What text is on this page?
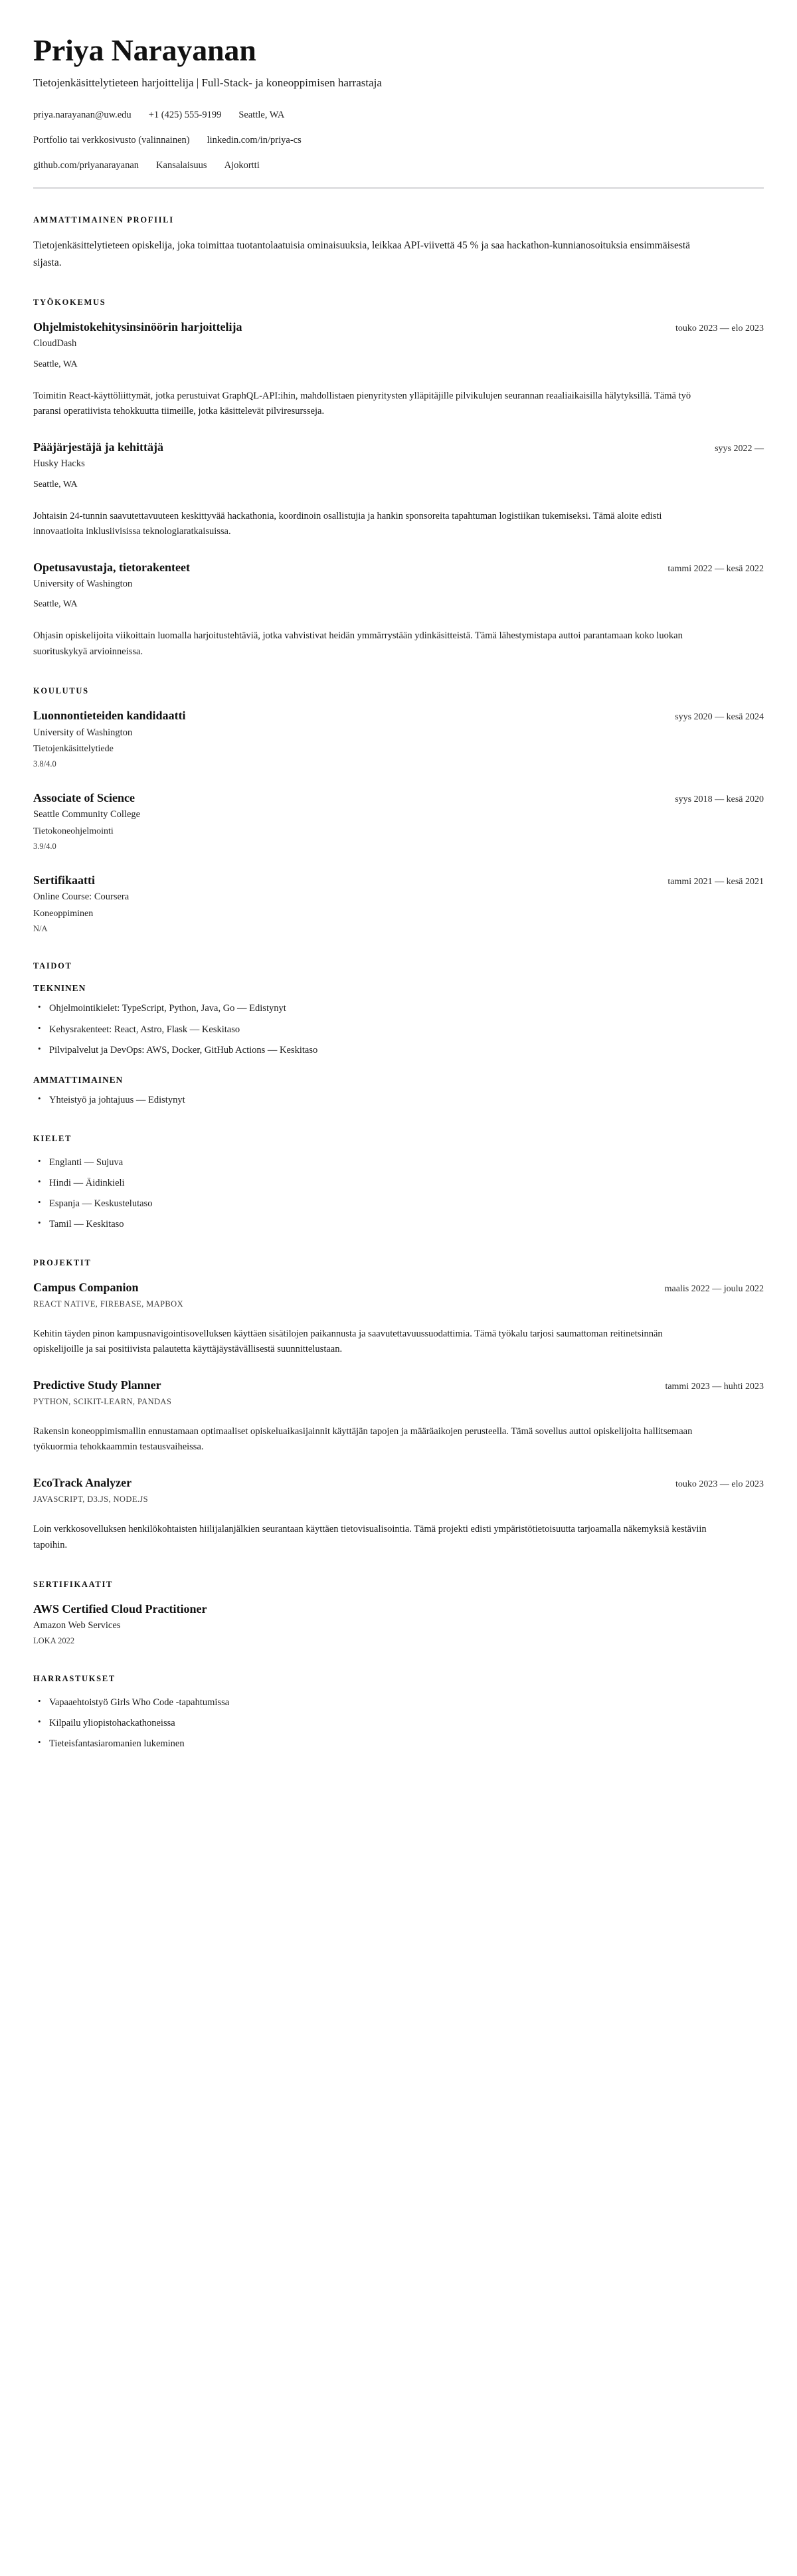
Priya Narayanan
Tietojenkäsittelytieteen harjoittelija | Full-Stack- ja koneoppimisen harrastaja
priya.narayanan@uw.edu +1 (425) 555-9199 Seattle, WA
Portfolio tai verkkosivusto (valinnainen) linkedin.com/in/priya-cs
github.com/priyanarayanan Kansalaisuus Ajokortti
AMMATTIMAINEN PROFIILI

Tietojenkäsittelytieteen opiskelija, joka toimittaa tuotantolaatuisia ominaisuuksia, leikkaa API-viivettä 45 % ja saa hackathon-kunnianosoituksia ensimmäisestä sijasta.

TYÖKOKEMUS
Ohjelmistokehitysinsinöörin harjoittelija	touko 2023 — elo 2023
CloudDash
Seattle, WA
Toimitin React-käyttöliittymät, jotka perustuivat GraphQL-API:ihin, mahdollistaen pienyritysten ylläpitäjille pilvikulujen seurannan reaaliaikaisilla hälytyksillä. Tämä työ paransi operatiivista tehokkuutta tiimeille, jotka käsittelevät pilviresursseja.
Pääjärjestäjä ja kehittäjä	syys 2022 —
Husky Hacks
Seattle, WA
Johtaisin 24-tunnin saavutettavuuteen keskittyvää hackathonia, koordinoin osallistujia ja hankin sponsoreita tapahtuman logistiikan tukemiseksi. Tämä aloite edisti innovaatioita inklusiivisissa teknologiaratkaisuissa.
Opetusavustaja, tietorakenteet	tammi 2022 — kesä 2022
University of Washington
Seattle, WA
Ohjasin opiskelijoita viikoittain luomalla harjoitustehtäviä, jotka vahvistivat heidän ymmärrystään ydinkäsitteistä. Tämä lähestymistapa auttoi parantamaan koko luokan suorituskykyä arvioinneissa.
KOULUTUS
Luonnontieteiden kandidaatti	syys 2020 — kesä 2024
University of Washington
Tietojenkäsittelytiede
3.8/4.0
Associate of Science	syys 2018 — kesä 2020
Seattle Community College
Tietokoneohjelmointi
3.9/4.0
Sertifikaatti	tammi 2021 — kesä 2021
Online Course: Coursera
Koneoppiminen
N/A
TAIDOT
TEKNINEN
• Ohjelmointikielet: TypeScript, Python, Java, Go — Edistynyt
• Kehysrakenteet: React, Astro, Flask — Keskitaso
• Pilvipalvelut ja DevOps: AWS, Docker, GitHub Actions — Keskitaso
AMMATTIMAINEN
• Yhteistyö ja johtajuus — Edistynyt
KIELET
• Englanti — Sujuva
• Hindi — Äidinkieli
• Espanja — Keskustelutaso
• Tamil — Keskitaso
PROJEKTIT
Campus Companion	maalis 2022 — joulu 2022
REACT NATIVE, FIREBASE, MAPBOX
Kehitin täyden pinon kampusnavigointisovelluksen käyttäen sisätilojen paikannusta ja saavutettavuussuodattimia. Tämä työkalu tarjosi saumattoman reitinetsinnän opiskelijoille ja sai positiivista palautetta käyttäjäystävällisestä suunnittelustaan.
Predictive Study Planner	tammi 2023 — huhti 2023
PYTHON, SCIKIT-LEARN, PANDAS
Rakensin koneoppimismallin ennustamaan optimaaliset opiskeluaikasijainnit käyttäjän tapojen ja määräaikojen perusteella. Tämä sovellus auttoi opiskelijoita hallitsemaan työkuormia tehokkaammin testausvaiheissa.
EcoTrack Analyzer	touko 2023 — elo 2023
JAVASCRIPT, D3.JS, NODE.JS
Loin verkkosovelluksen henkilökohtaisten hiilijalanjälkien seurantaan käyttäen tietovisualisointia. Tämä projekti edisti ympäristötietoisuutta tarjoamalla näkemyksiä kestäviin tapoihin.
SERTIFIKAATIT
AWS Certified Cloud Practitioner
Amazon Web Services
LOKA 2022
HARRASTUKSET
• Vapaaehtoistyö Girls Who Code -tapahtumissa
• Kilpailu yliopistohackathoneissa
• Tieteisfantasiaromanien lukeminen
